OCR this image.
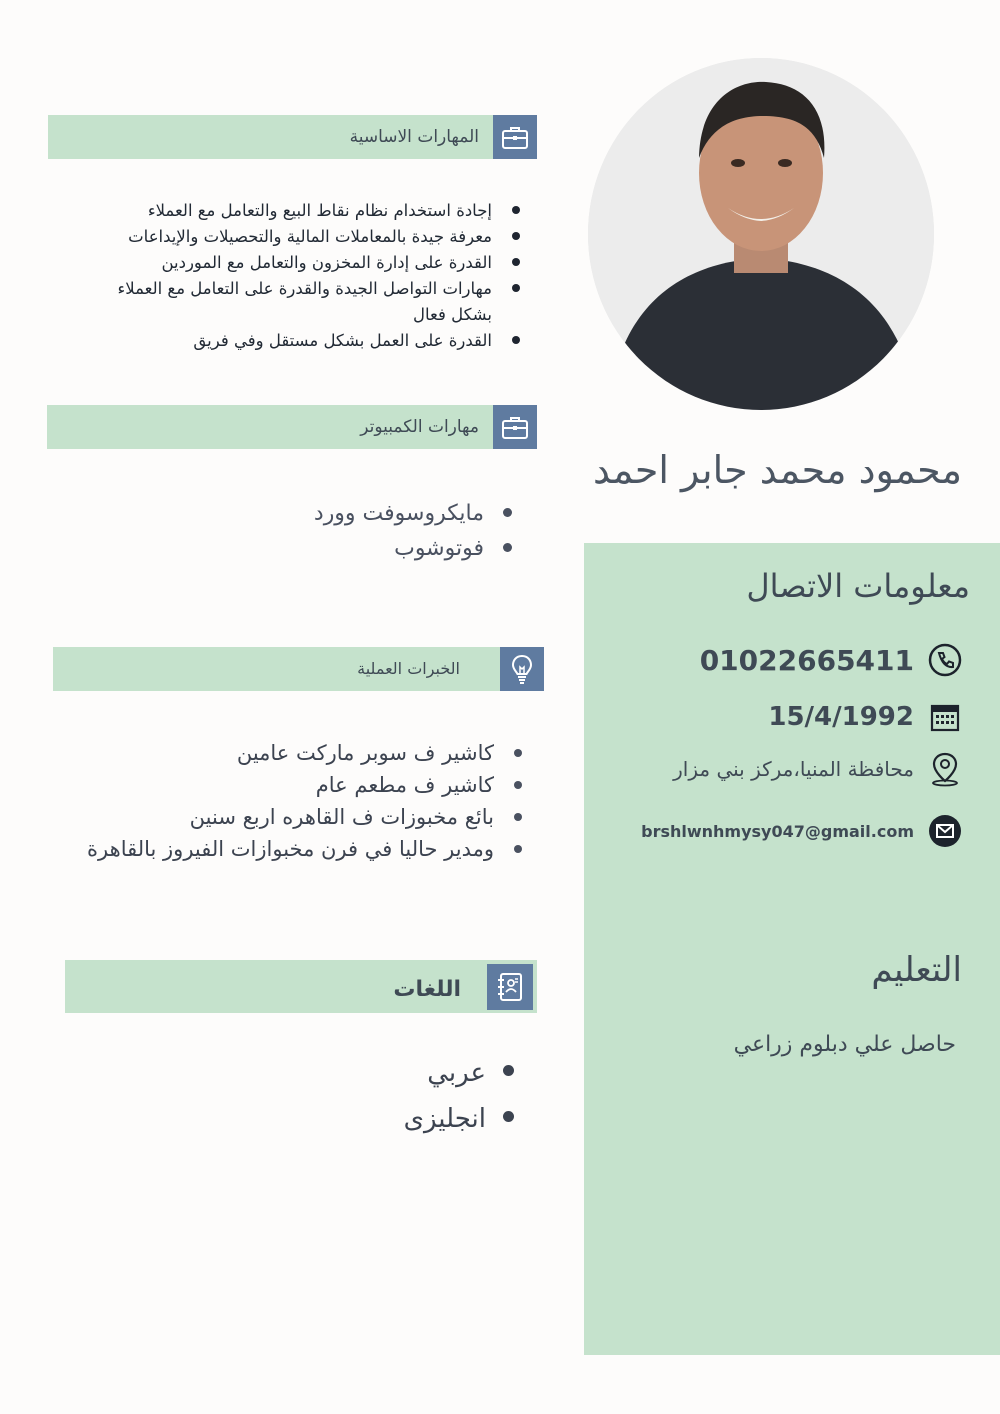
محمود محمد جابر احمد
معلومات الاتصال
01022665411
15/4/1992
محافظة المنيا،مركز بني مزار
brshlwnhmysy047@gmail.com
التعليم
حاصل علي دبلوم زراعي
المهارات الاساسية
إجادة استخدام نظام نقاط البيع والتعامل مع العملاء
معرفة جيدة بالمعاملات المالية والتحصيلات والإيداعات
القدرة على إدارة المخزون والتعامل مع الموردين
مهارات التواصل الجيدة والقدرة على التعامل مع العملاء بشكل فعال
القدرة على العمل بشكل مستقل وفي فريق
مهارات الكمبيوتر
مايكروسوفت وورد
فوتوشوب
الخبرات العملية
كاشير ف سوبر ماركت عامين
كاشير ف مطعم عام
بائع مخبوزات ف القاهره اربع سنين
ومدير حاليا في فرن مخبوازات الفيروز بالقاهرة
اللغات
عربي
انجليزى
